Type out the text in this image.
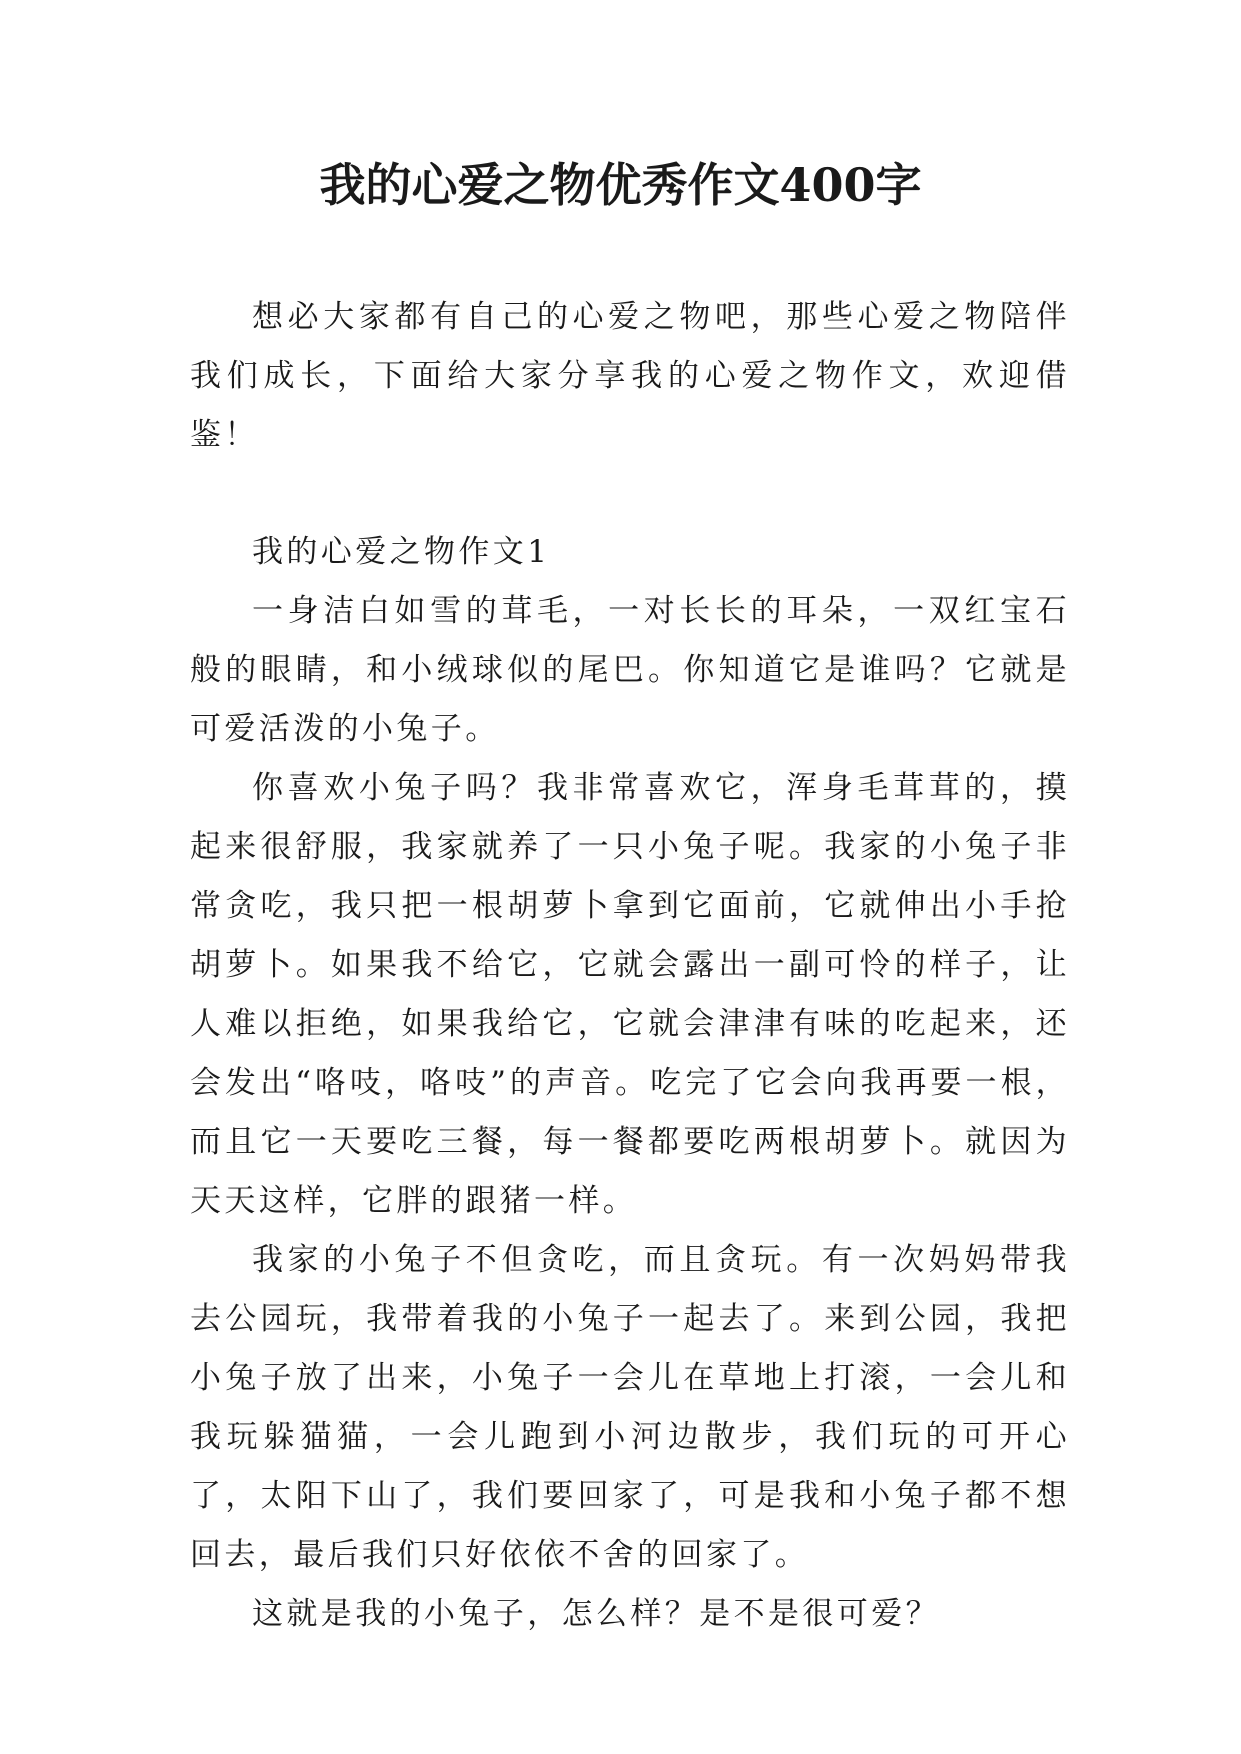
我的心爱之物优秀作文400字

想必大家都有自己的心爱之物吧，那些心爱之物陪伴我们成长，下面给大家分享我的心爱之物作文，欢迎借鉴！

我的心爱之物作文1

一身洁白如雪的茸毛，一对长长的耳朵，一双红宝石般的眼睛，和小绒球似的尾巴。你知道它是谁吗？它就是可爱活泼的小兔子。

你喜欢小兔子吗？我非常喜欢它，浑身毛茸茸的，摸起来很舒服，我家就养了一只小兔子呢。我家的小兔子非常贪吃，我只把一根胡萝卜拿到它面前，它就伸出小手抢胡萝卜。如果我不给它，它就会露出一副可怜的样子，让人难以拒绝，如果我给它，它就会津津有味的吃起来，还会发出“咯吱，咯吱”的声音。吃完了它会向我再要一根，而且它一天要吃三餐，每一餐都要吃两根胡萝卜。就因为天天这样，它胖的跟猪一样。

我家的小兔子不但贪吃，而且贪玩。有一次妈妈带我去公园玩，我带着我的小兔子一起去了。来到公园，我把小兔子放了出来，小兔子一会儿在草地上打滚，一会儿和我玩躲猫猫，一会儿跑到小河边散步，我们玩的可开心了，太阳下山了，我们要回家了，可是我和小兔子都不想回去，最后我们只好依依不舍的回家了。

这就是我的小兔子，怎么样？是不是很可爱？
